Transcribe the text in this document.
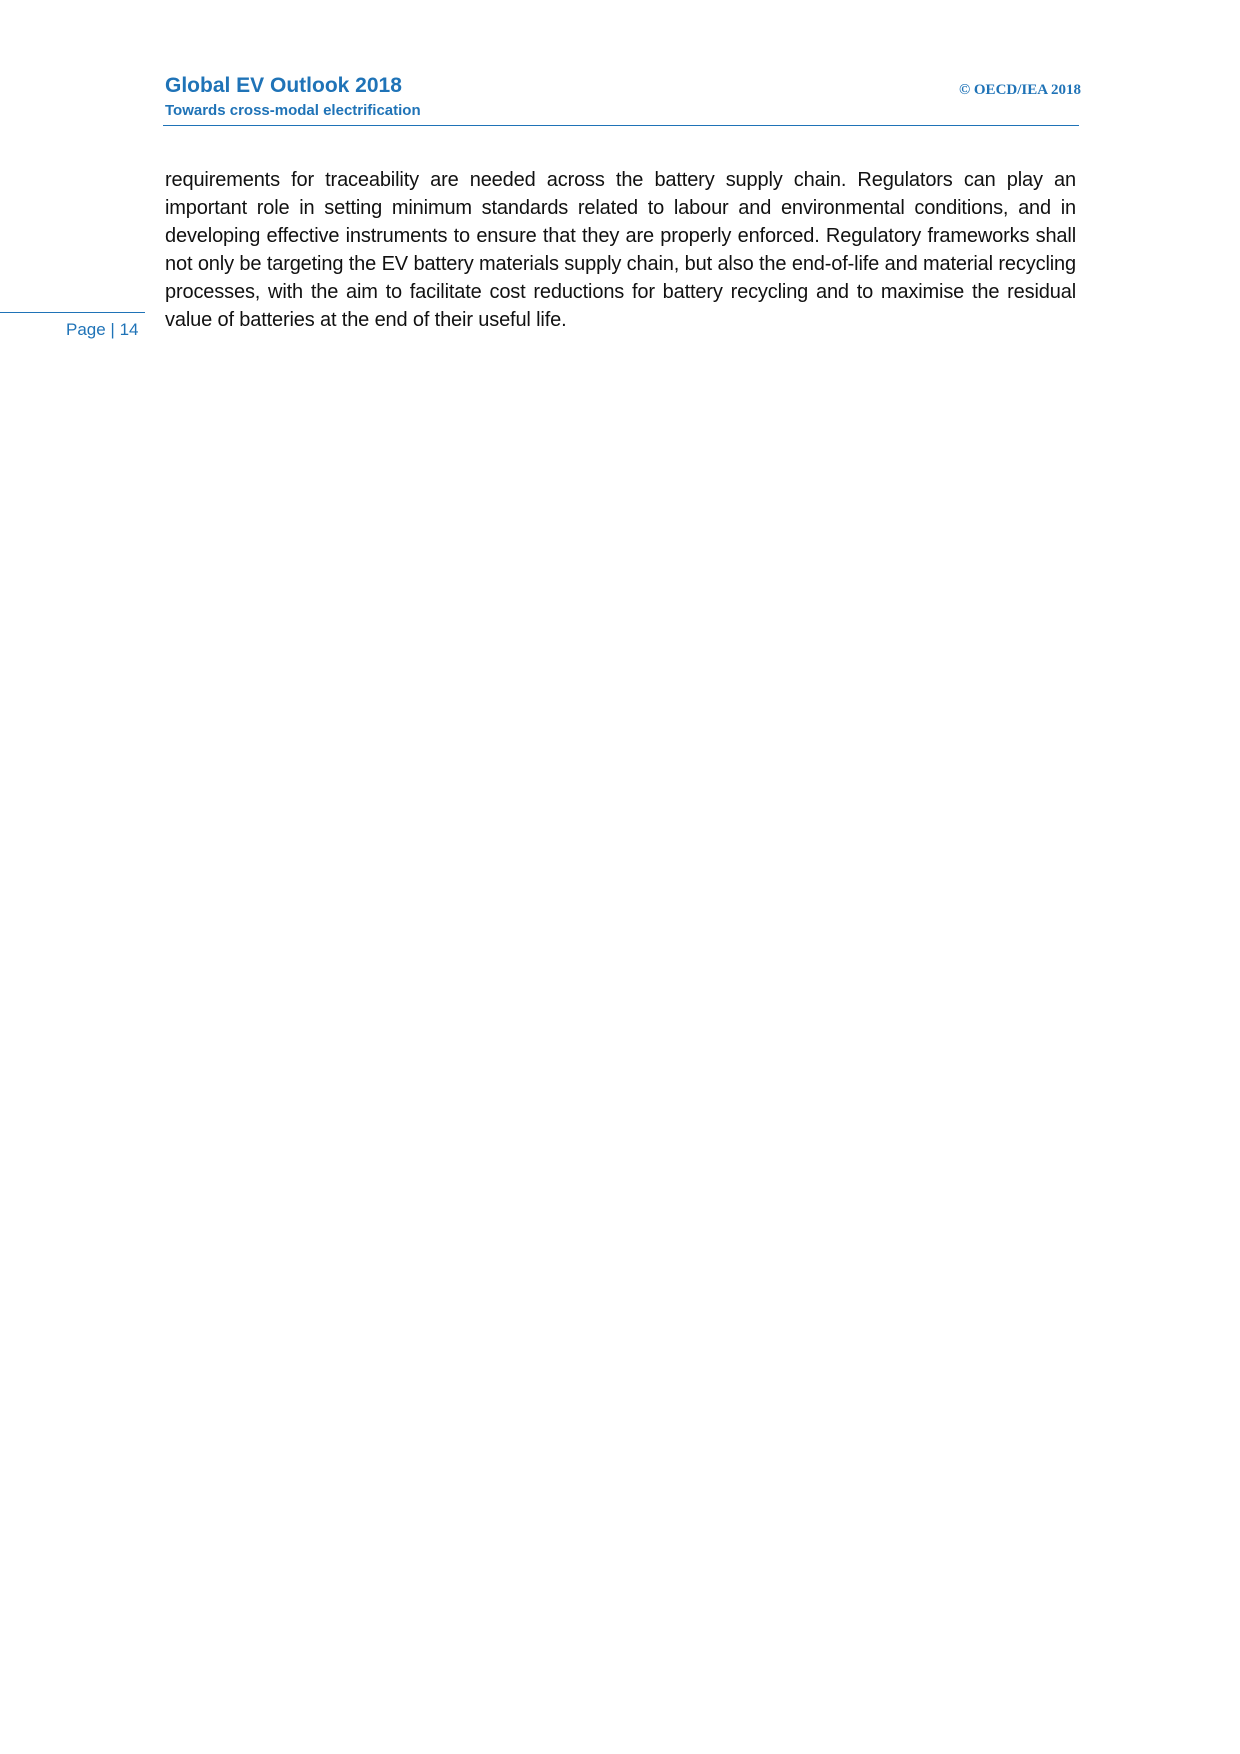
Global EV Outlook 2018
Towards cross-modal electrification
© OECD/IEA 2018
Page | 14

requirements for traceability are needed across the battery supply chain. Regulators can play an important role in setting minimum standards related to labour and environmental conditions, and in developing effective instruments to ensure that they are properly enforced. Regulatory frameworks shall not only be targeting the EV battery materials supply chain, but also the end-of-life and material recycling processes, with the aim to facilitate cost reductions for battery recycling and to maximise the residual value of batteries at the end of their useful life.
